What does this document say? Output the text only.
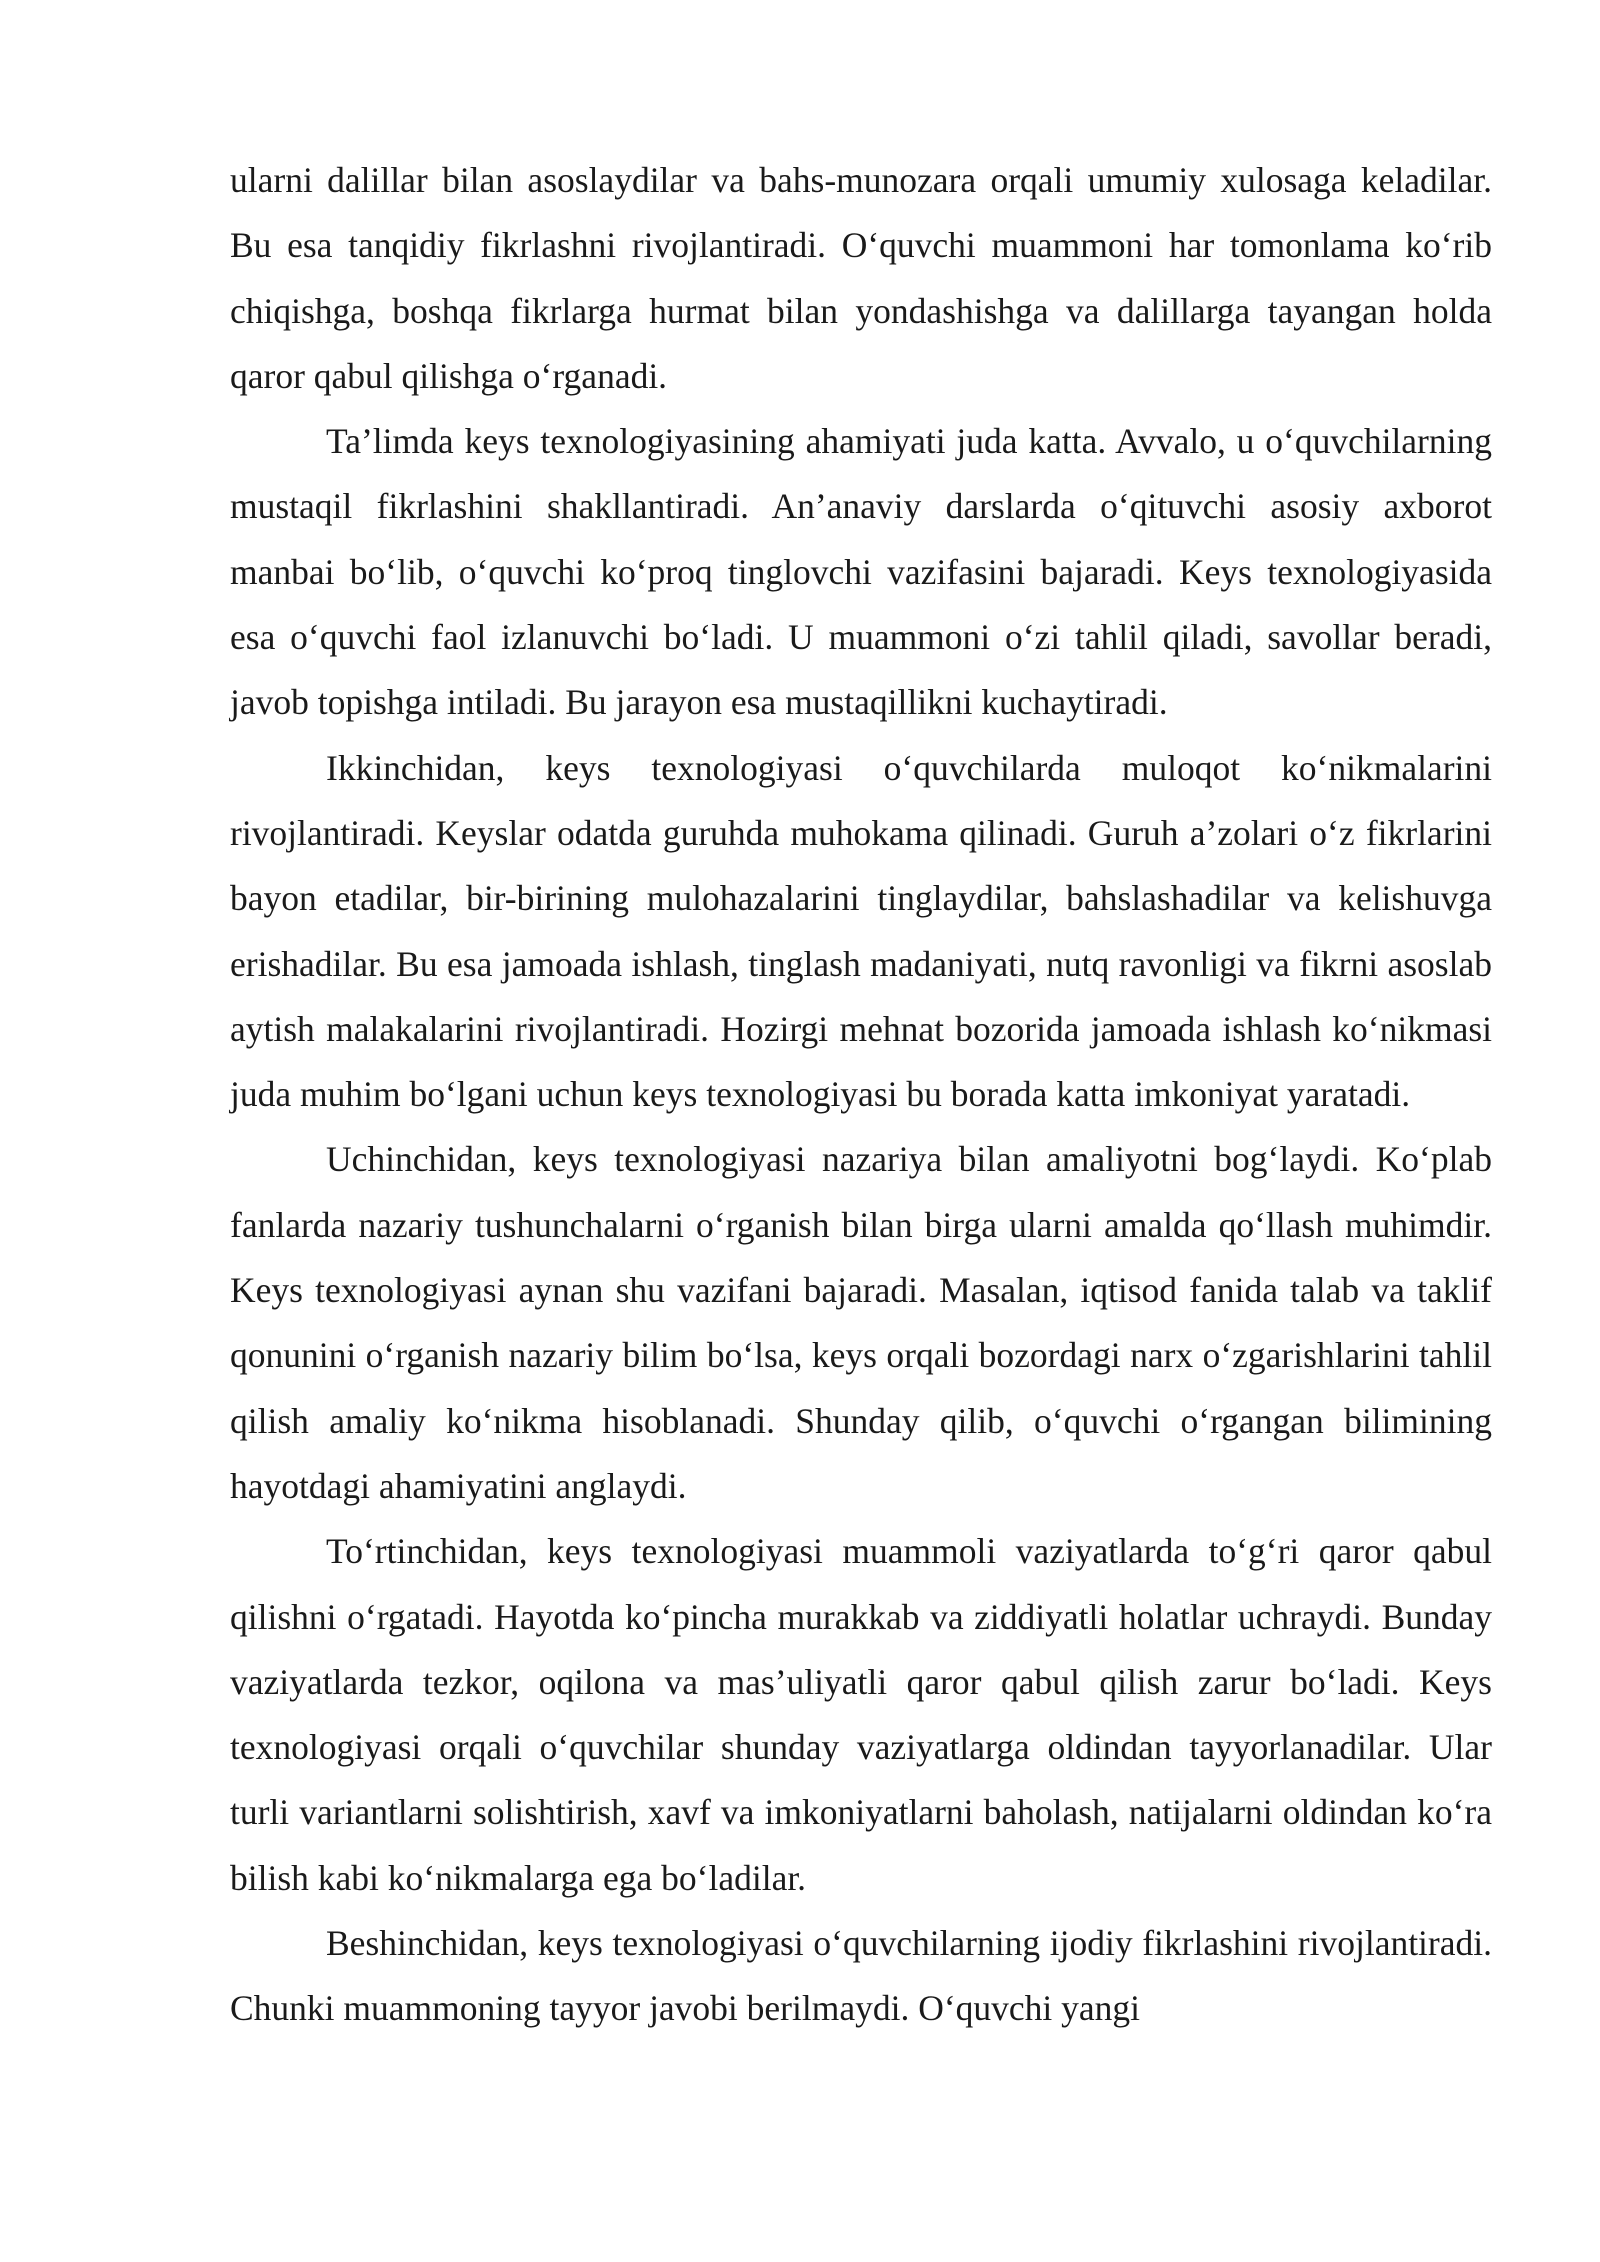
ularni dalillar bilan asoslaydilar va bahs-munozara orqali umumiy xulosaga keladilar. Bu esa tanqidiy fikrlashni rivojlantiradi. O‘quvchi muammoni har tomonlama ko‘rib chiqishga, boshqa fikrlarga hurmat bilan yondashishga va dalillarga tayangan holda qaror qabul qilishga o‘rganadi.

Ta’limda keys texnologiyasining ahamiyati juda katta. Avvalo, u o‘quvchilarning mustaqil fikrlashini shakllantiradi. An’anaviy darslarda o‘qituvchi asosiy axborot manbai bo‘lib, o‘quvchi ko‘proq tinglovchi vazifasini bajaradi. Keys texnologiyasida esa o‘quvchi faol izlanuvchi bo‘ladi. U muammoni o‘zi tahlil qiladi, savollar beradi, javob topishga intiladi. Bu jarayon esa mustaqillikni kuchaytiradi.

Ikkinchidan, keys texnologiyasi o‘quvchilarda muloqot ko‘nikmalarini rivojlantiradi. Keyslar odatda guruhda muhokama qilinadi. Guruh a’zolari o‘z fikrlarini bayon etadilar, bir-birining mulohazalarini tinglaydilar, bahslashadilar va kelishuvga erishadilar. Bu esa jamoada ishlash, tinglash madaniyati, nutq ravonligi va fikrni asoslab aytish malakalarini rivojlantiradi. Hozirgi mehnat bozorida jamoada ishlash ko‘nikmasi juda muhim bo‘lgani uchun keys texnologiyasi bu borada katta imkoniyat yaratadi.

Uchinchidan, keys texnologiyasi nazariya bilan amaliyotni bog‘laydi. Ko‘plab fanlarda nazariy tushunchalarni o‘rganish bilan birga ularni amalda qo‘llash muhimdir. Keys texnologiyasi aynan shu vazifani bajaradi. Masalan, iqtisod fanida talab va taklif qonunini o‘rganish nazariy bilim bo‘lsa, keys orqali bozordagi narx o‘zgarishlarini tahlil qilish amaliy ko‘nikma hisoblanadi. Shunday qilib, o‘quvchi o‘rgangan bilimining hayotdagi ahamiyatini anglaydi.

To‘rtinchidan, keys texnologiyasi muammoli vaziyatlarda to‘g‘ri qaror qabul qilishni o‘rgatadi. Hayotda ko‘pincha murakkab va ziddiyatli holatlar uchraydi. Bunday vaziyatlarda tezkor, oqilona va mas’uliyatli qaror qabul qilish zarur bo‘ladi. Keys texnologiyasi orqali o‘quvchilar shunday vaziyatlarga oldindan tayyorlanadilar. Ular turli variantlarni solishtirish, xavf va imkoniyatlarni baholash, natijalarni oldindan ko‘ra bilish kabi ko‘nikmalarga ega bo‘ladilar.

Beshinchidan, keys texnologiyasi o‘quvchilarning ijodiy fikrlashini rivojlantiradi. Chunki muammoning tayyor javobi berilmaydi. O‘quvchi yangi
